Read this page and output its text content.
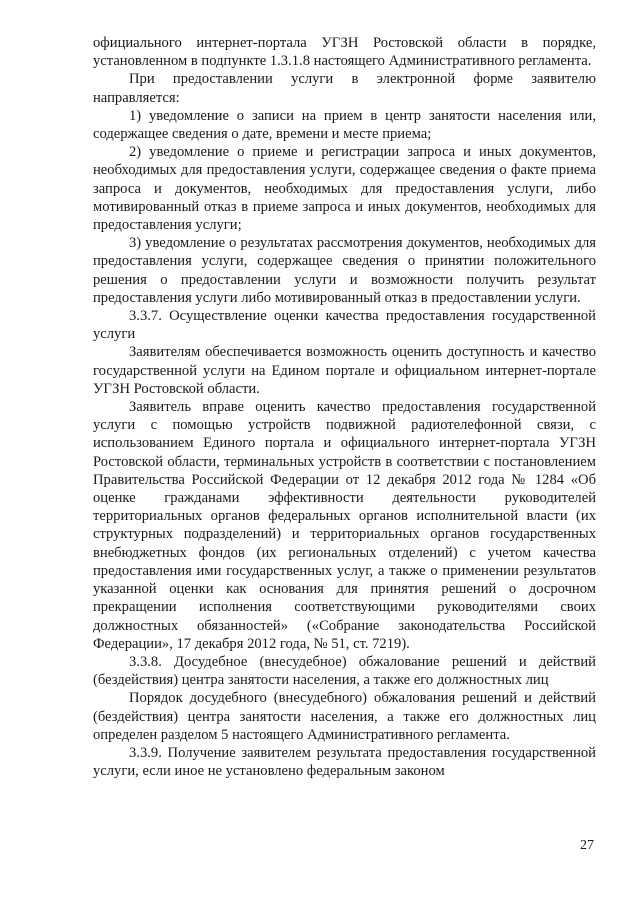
официального интернет-портала УГЗН Ростовской области в порядке, установленном в подпункте 1.3.1.8 настоящего Административного регламента.

При предоставлении услуги в электронной форме заявителю направляется:

1) уведомление о записи на прием в центр занятости населения или, содержащее сведения о дате, времени и месте приема;

2) уведомление о приеме и регистрации запроса и иных документов, необходимых для предоставления услуги, содержащее сведения о факте приема запроса и документов, необходимых для предоставления услуги, либо мотивированный отказ в приеме запроса и иных документов, необходимых для предоставления услуги;

3) уведомление о результатах рассмотрения документов, необходимых для предоставления услуги, содержащее сведения о принятии положительного решения о предоставлении услуги и возможности получить результат предоставления услуги либо мотивированный отказ в предоставлении услуги.

3.3.7. Осуществление оценки качества предоставления государственной услуги

Заявителям обеспечивается возможность оценить доступность и качество государственной услуги на Едином портале и официальном интернет-портале УГЗН Ростовской области.

Заявитель вправе оценить качество предоставления государственной услуги с помощью устройств подвижной радиотелефонной связи, с использованием Единого портала и официального интернет-портала УГЗН Ростовской области, терминальных устройств в соответствии с постановлением Правительства Российской Федерации от 12 декабря 2012 года № 1284 «Об оценке гражданами эффективности деятельности руководителей территориальных органов федеральных органов исполнительной власти (их структурных подразделений) и территориальных органов государственных внебюджетных фондов (их региональных отделений) с учетом качества предоставления ими государственных услуг, а также о применении результатов указанной оценки как основания для принятия решений о досрочном прекращении исполнения соответствующими руководителями своих должностных обязанностей» («Собрание законодательства Российской Федерации», 17 декабря 2012 года, № 51, ст. 7219).

3.3.8. Досудебное (внесудебное) обжалование решений и действий (бездействия) центра занятости населения, а также его должностных лиц

Порядок досудебного (внесудебного) обжалования решений и действий (бездействия) центра занятости населения, а также его должностных лиц определен разделом 5 настоящего Административного регламента.

3.3.9. Получение заявителем результата предоставления государственной услуги, если иное не установлено федеральным законом

27
